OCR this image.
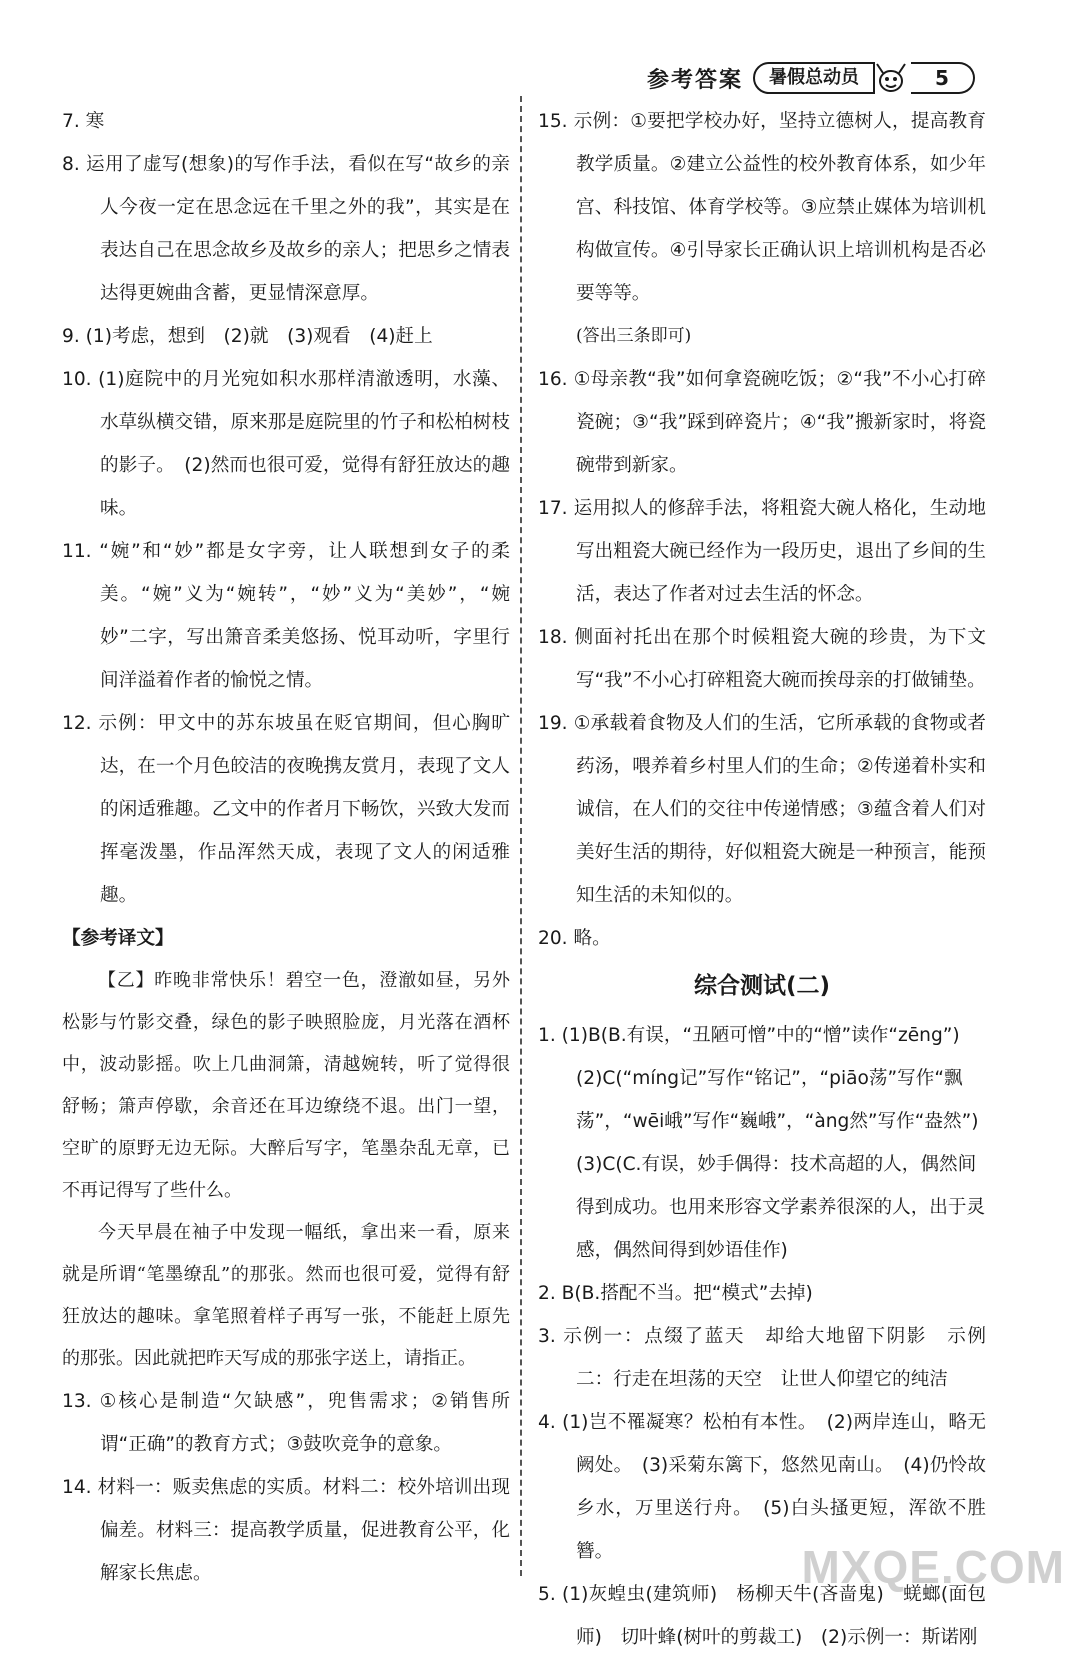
参考答案	暑假总动员	5

7. 寒

8. 运用了虚写(想象)的写作手法，看似在写“故乡的亲人今夜一定在思念远在千里之外的我”，其实是在表达自己在思念故乡及故乡的亲人；把思乡之情表达得更婉曲含蓄，更显情深意厚。

9. (1)考虑，想到　(2)就　(3)观看　(4)赶上

10. (1)庭院中的月光宛如积水那样清澈透明，水藻、水草纵横交错，原来那是庭院里的竹子和松柏树枝的影子。　(2)然而也很可爱，觉得有舒狂放达的趣味。

11. “婉”和“妙”都是女字旁，让人联想到女子的柔美。“婉”义为“婉转”，“妙”义为“美妙”，“婉妙”二字，写出箫音柔美悠扬、悦耳动听，字里行间洋溢着作者的愉悦之情。

12. 示例：甲文中的苏东坡虽在贬官期间，但心胸旷达，在一个月色皎洁的夜晚携友赏月，表现了文人的闲适雅趣。乙文中的作者月下畅饮，兴致大发而挥毫泼墨，作品浑然天成，表现了文人的闲适雅趣。

【参考译文】

【乙】昨晚非常快乐！碧空一色，澄澈如昼，另外松影与竹影交叠，绿色的影子映照脸庞，月光落在酒杯中，波动影摇。吹上几曲洞箫，清越婉转，听了觉得很舒畅；箫声停歇，余音还在耳边缭绕不退。出门一望，空旷的原野无边无际。大醉后写字，笔墨杂乱无章，已不再记得写了些什么。

今天早晨在袖子中发现一幅纸，拿出来一看，原来就是所谓“笔墨缭乱”的那张。然而也很可爱，觉得有舒狂放达的趣味。拿笔照着样子再写一张，不能赶上原先的那张。因此就把昨天写成的那张字送上，请指正。

13. ①核心是制造“欠缺感”，兜售需求；②销售所谓“正确”的教育方式；③鼓吹竞争的意象。

14. 材料一：贩卖焦虑的实质。材料二：校外培训出现偏差。材料三：提高教学质量，促进教育公平，化解家长焦虑。

15. 示例：①要把学校办好，坚持立德树人，提高教育教学质量。②建立公益性的校外教育体系，如少年宫、科技馆、体育学校等。③应禁止媒体为培训机构做宣传。④引导家长正确认识上培训机构是否必要等等。

(答出三条即可)

16. ①母亲教“我”如何拿瓷碗吃饭；②“我”不小心打碎瓷碗；③“我”踩到碎瓷片；④“我”搬新家时，将瓷碗带到新家。

17. 运用拟人的修辞手法，将粗瓷大碗人格化，生动地写出粗瓷大碗已经作为一段历史，退出了乡间的生活，表达了作者对过去生活的怀念。

18. 侧面衬托出在那个时候粗瓷大碗的珍贵，为下文写“我”不小心打碎粗瓷大碗而挨母亲的打做铺垫。

19. ①承载着食物及人们的生活，它所承载的食物或者药汤，喂养着乡村里人们的生命；②传递着朴实和诚信，在人们的交往中传递情感；③蕴含着人们对美好生活的期待，好似粗瓷大碗是一种预言，能预知生活的未知似的。

20. 略。

综合测试(二)

1. (1)B(B.有误，“丑陋可憎”中的“憎”读作“zēng”)

(2)C(“míng记”写作“铭记”，“piāo荡”写作“飘荡”，“wēi峨”写作“巍峨”，“àng然”写作“盎然”)

(3)C(C.有误，妙手偶得：技术高超的人，偶然间得到成功。也用来形容文学素养很深的人，出于灵感，偶然间得到妙语佳作)

2. B(B.搭配不当。把“模式”去掉)

3. 示例一：点缀了蓝天　却给大地留下阴影　示例二：行走在坦荡的天空　让世人仰望它的纯洁

4. (1)岂不罹凝寒？松柏有本性。　(2)两岸连山，略无阙处。　(3)采菊东篱下，悠然见南山。　(4)仍怜故乡水，万里送行舟。　(5)白头搔更短，浑欲不胜簪。

5. (1)灰蝗虫(建筑师)　杨柳天牛(吝啬鬼)　蜣螂(面包师)　切叶蜂(树叶的剪裁工)　(2)示例一：斯诺刚

MXQE.COM
